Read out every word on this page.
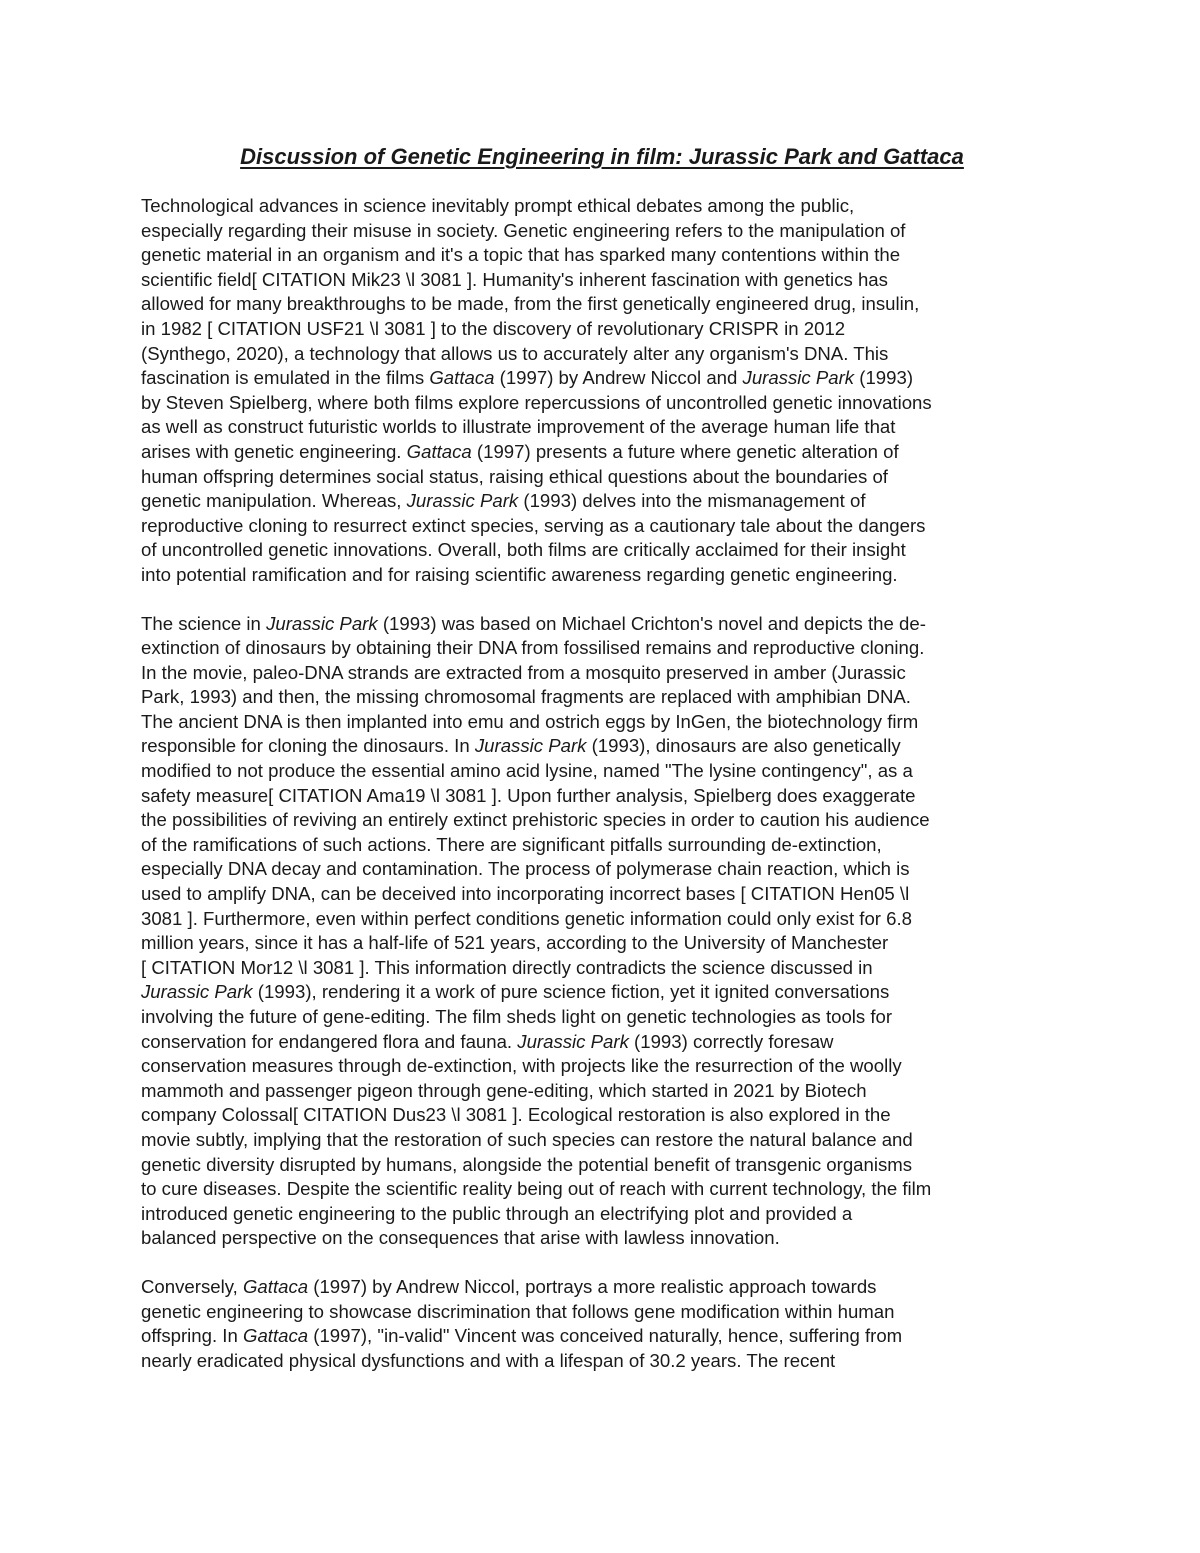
Discussion of Genetic Engineering in film: Jurassic Park and Gattaca
Technological advances in science inevitably prompt ethical debates among the public,
especially regarding their misuse in society. Genetic engineering refers to the manipulation of
genetic material in an organism and it's a topic that has sparked many contentions within the
scientific field[ CITATION Mik23 \l 3081 ]. Humanity's inherent fascination with genetics has
allowed for many breakthroughs to be made, from the first genetically engineered drug, insulin,
in 1982 [ CITATION USF21 \l 3081 ] to the discovery of revolutionary CRISPR in 2012
(Synthego, 2020), a technology that allows us to accurately alter any organism's DNA. This
fascination is emulated in the films Gattaca (1997) by Andrew Niccol and Jurassic Park (1993)
by Steven Spielberg, where both films explore repercussions of uncontrolled genetic innovations
as well as construct futuristic worlds to illustrate improvement of the average human life that
arises with genetic engineering. Gattaca (1997) presents a future where genetic alteration of
human offspring determines social status, raising ethical questions about the boundaries of
genetic manipulation. Whereas, Jurassic Park (1993) delves into the mismanagement of
reproductive cloning to resurrect extinct species, serving as a cautionary tale about the dangers
of uncontrolled genetic innovations. Overall, both films are critically acclaimed for their insight
into potential ramification and for raising scientific awareness regarding genetic engineering.
The science in Jurassic Park (1993) was based on Michael Crichton's novel and depicts the de-
extinction of dinosaurs by obtaining their DNA from fossilised remains and reproductive cloning.
In the movie, paleo-DNA strands are extracted from a mosquito preserved in amber (Jurassic
Park, 1993) and then, the missing chromosomal fragments are replaced with amphibian DNA.
The ancient DNA is then implanted into emu and ostrich eggs by InGen, the biotechnology firm
responsible for cloning the dinosaurs. In Jurassic Park (1993), dinosaurs are also genetically
modified to not produce the essential amino acid lysine, named "The lysine contingency", as a
safety measure[ CITATION Ama19 \l 3081 ]. Upon further analysis, Spielberg does exaggerate
the possibilities of reviving an entirely extinct prehistoric species in order to caution his audience
of the ramifications of such actions. There are significant pitfalls surrounding de-extinction,
especially DNA decay and contamination. The process of polymerase chain reaction, which is
used to amplify DNA, can be deceived into incorporating incorrect bases [ CITATION Hen05 \l
3081 ]. Furthermore, even within perfect conditions genetic information could only exist for 6.8
million years, since it has a half-life of 521 years, according to the University of Manchester
[ CITATION Mor12 \l 3081 ]. This information directly contradicts the science discussed in
Jurassic Park (1993), rendering it a work of pure science fiction, yet it ignited conversations
involving the future of gene-editing. The film sheds light on genetic technologies as tools for
conservation for endangered flora and fauna. Jurassic Park (1993) correctly foresaw
conservation measures through de-extinction, with projects like the resurrection of the woolly
mammoth and passenger pigeon through gene-editing, which started in 2021 by Biotech
company Colossal[ CITATION Dus23 \l 3081 ]. Ecological restoration is also explored in the
movie subtly, implying that the restoration of such species can restore the natural balance and
genetic diversity disrupted by humans, alongside the potential benefit of transgenic organisms
to cure diseases. Despite the scientific reality being out of reach with current technology, the film
introduced genetic engineering to the public through an electrifying plot and provided a
balanced perspective on the consequences that arise with lawless innovation.
Conversely, Gattaca (1997) by Andrew Niccol, portrays a more realistic approach towards
genetic engineering to showcase discrimination that follows gene modification within human
offspring. In Gattaca (1997), "in-valid" Vincent was conceived naturally, hence, suffering from
nearly eradicated physical dysfunctions and with a lifespan of 30.2 years. The recent
